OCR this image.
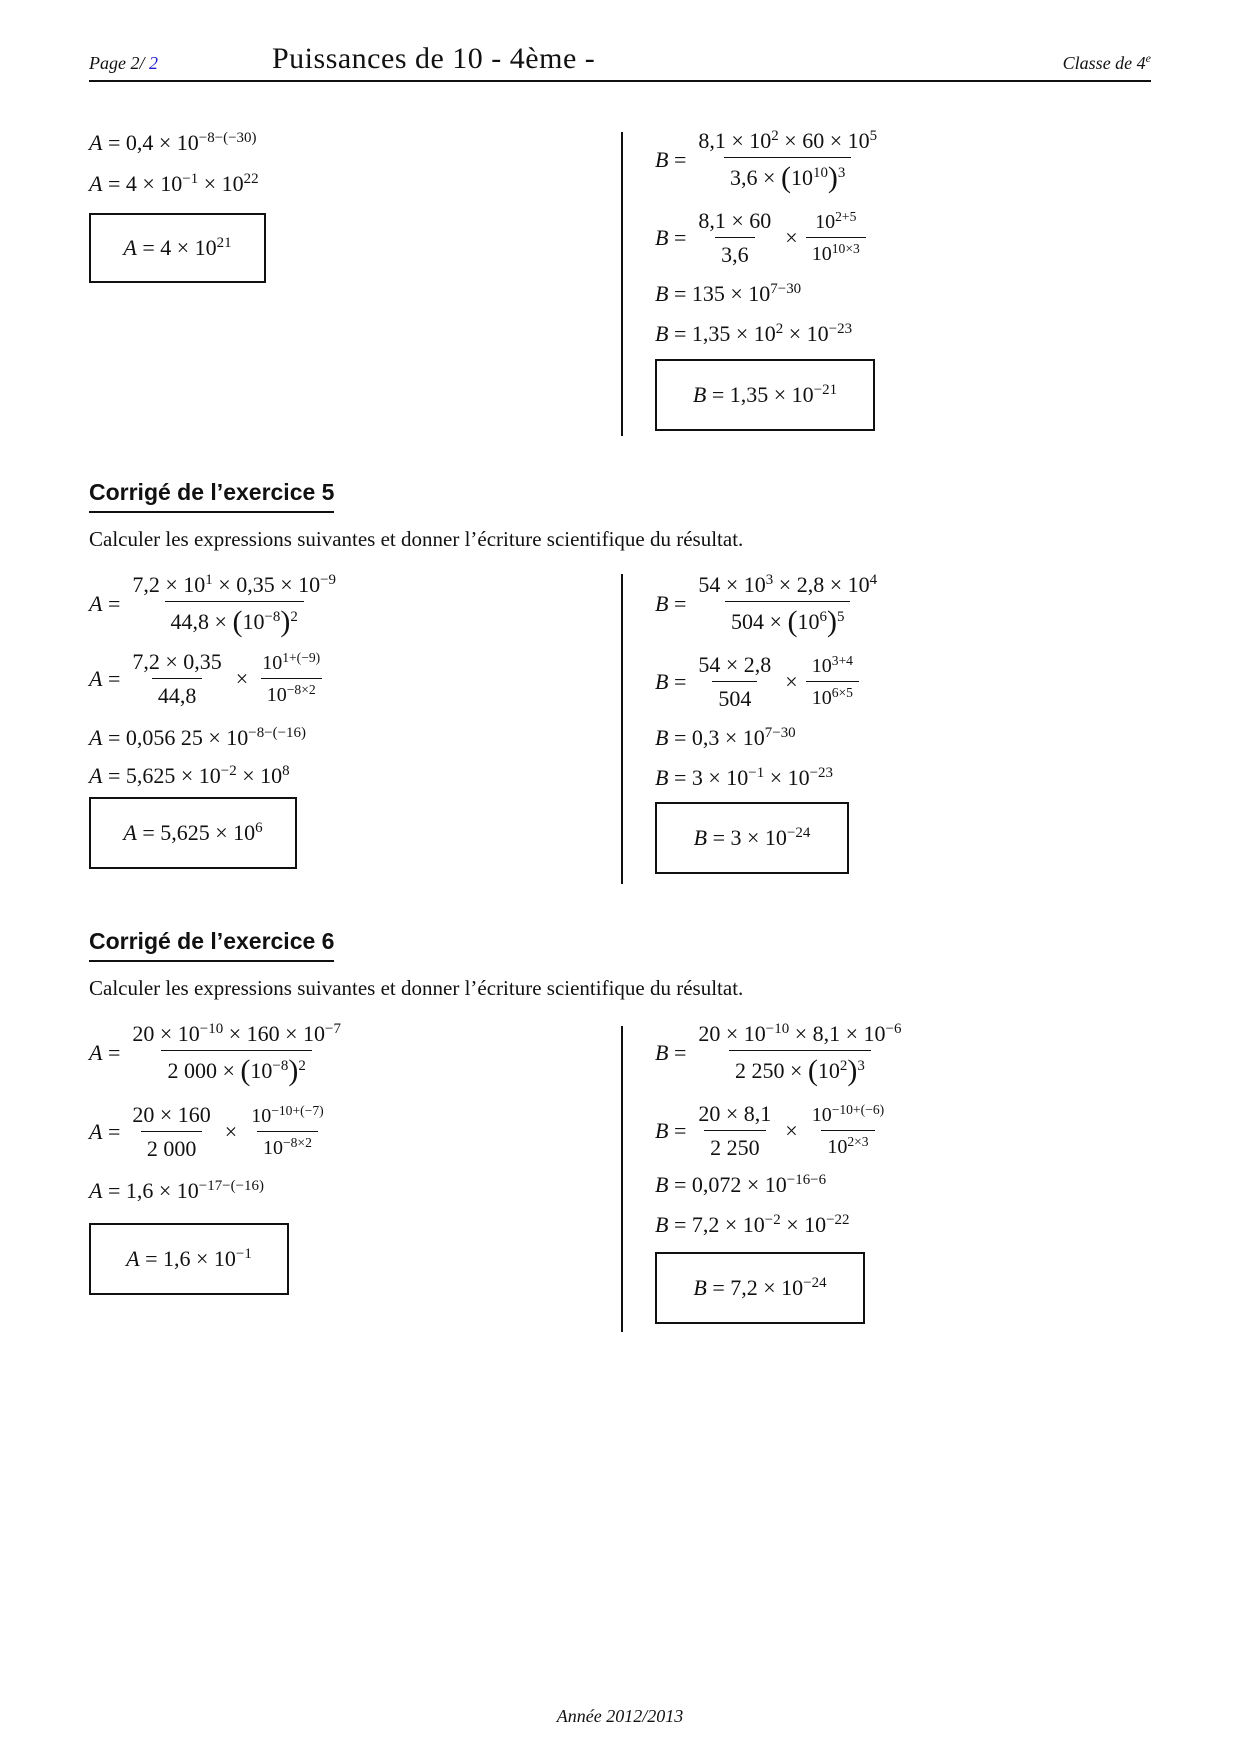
Page 2/ 2	Puissances de 10 - 4ème -	Classe de 4e
$A = 0,4 \times 10^{-8-(-30)}$
$A = 4 \times 10^{-1} \times 10^{22}$
$A = 4 \times 10^{21}$
$B = \frac{8,1 \times 10^2 \times 60 \times 10^5}{3,6 \times (10^{10})^3}$
$B = \frac{8,1 \times 60}{3,6} \times \frac{10^{2+5}}{10^{10\times 3}}$
$B = 135 \times 10^{7-30}$
$B = 1,35 \times 10^2 \times 10^{-23}$
$B = 1,35 \times 10^{-21}$
Corrigé de l’exercice 5
Calculer les expressions suivantes et donner l’écriture scientifique du résultat.
$A = \frac{7,2 \times 10^1 \times 0,35 \times 10^{-9}}{44,8 \times (10^{-8})^2}$
$A = \frac{7,2 \times 0,35}{44,8} \times \frac{10^{1+(-9)}}{10^{-8\times 2}}$
A = 0,056 $25 \times 10^{-8-(-16)}$
$A = 5,625 \times 10^{-2} \times 10^8$
$A = 5,625 \times 10^6$
$B = \frac{54 \times 10^3 \times 2,8 \times 10^4}{504 \times (10^6)^5}$
$B = \frac{54 \times 2,8}{504} \times \frac{10^{3+4}}{10^{6\times 5}}$
$B = 0,3 \times 10^{7-30}$
$B = 3 \times 10^{-1} \times 10^{-23}$
$B = 3 \times 10^{-24}$
Corrigé de l’exercice 6
Calculer les expressions suivantes et donner l’écriture scientifique du résultat.
$A = \frac{20 \times 10^{-10} \times 160 \times 10^{-7}}{2 000 \times (10^{-8})^2}$
$A = \frac{20 \times 160}{2 000} \times \frac{10^{-10+(-7)}}{10^{-8\times 2}}$
$A = 1,6 \times 10^{-17-(-16)}$
$A = 1,6 \times 10^{-1}$
$B = \frac{20 \times 10^{-10} \times 8,1 \times 10^{-6}}{2 250 \times (10^2)^3}$
$B = \frac{20 \times 8,1}{2 250} \times \frac{10^{-10+(-6)}}{10^{2\times 3}}$
$B = 0,072 \times 10^{-16-6}$
$B = 7,2 \times 10^{-2} \times 10^{-22}$
$B = 7,2 \times 10^{-24}$
Année 2012/2013
